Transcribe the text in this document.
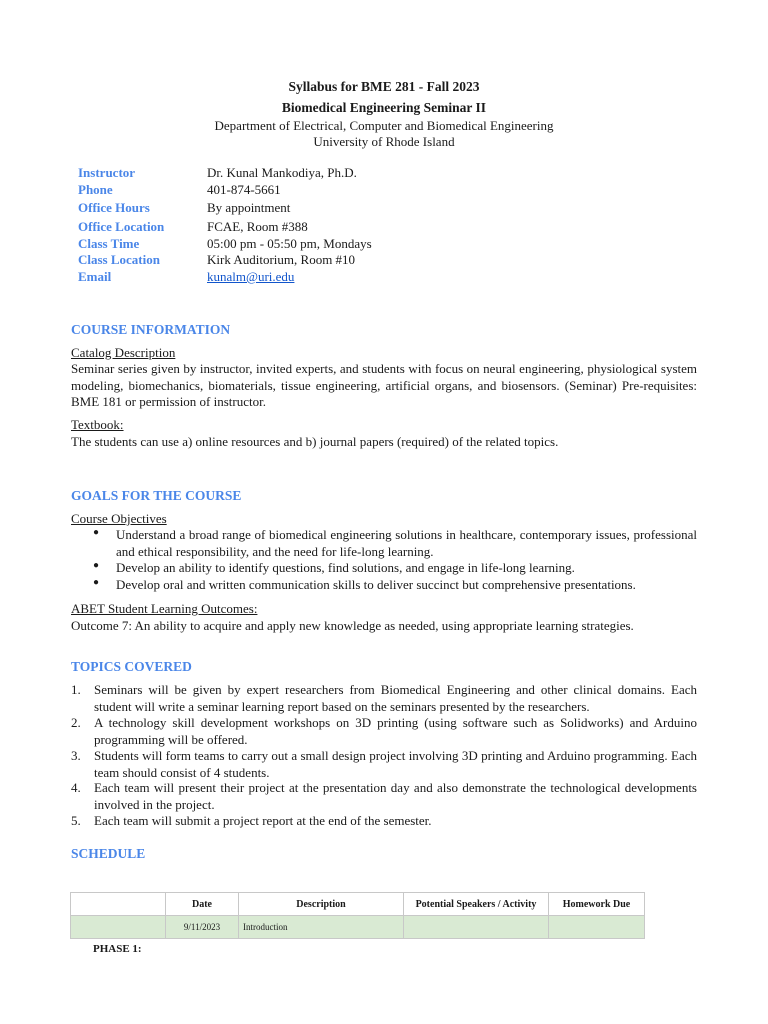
Syllabus for BME 281 - Fall 2023
Biomedical Engineering Seminar II
Department of Electrical, Computer and Biomedical Engineering
University of Rhode Island
Instructor	Dr. Kunal Mankodiya, Ph.D.
Phone	401-874-5661
Office Hours	By appointment
Office Location	FCAE, Room #388
Class Time	05:00 pm - 05:50 pm, Mondays
Class Location	Kirk Auditorium, Room #10
Email	kunalm@uri.edu
COURSE INFORMATION
Catalog Description
Seminar series given by instructor, invited experts, and students with focus on neural engineering, physiological system modeling, biomechanics, biomaterials, tissue engineering, artificial organs, and biosensors. (Seminar) Pre-requisites: BME 181 or permission of instructor.
Textbook:
The students can use a) online resources and b) journal papers (required) of the related topics.
GOALS FOR THE COURSE
Course Objectives
●	Understand a broad range of biomedical engineering solutions in healthcare, contemporary issues, professional and ethical responsibility, and the need for life-long learning.
●	Develop an ability to identify questions, find solutions, and engage in life-long learning.
●	Develop oral and written communication skills to deliver succinct but comprehensive presentations.
ABET Student Learning Outcomes:
Outcome 7: An ability to acquire and apply new knowledge as needed, using appropriate learning strategies.
TOPICS COVERED
1.	Seminars will be given by expert researchers from Biomedical Engineering and other clinical domains. Each student will write a seminar learning report based on the seminars presented by the researchers.
2.	A technology skill development workshops on 3D printing (using software such as Solidworks) and Arduino programming will be offered.
3.	Students will form teams to carry out a small design project involving 3D printing and Arduino programming. Each team should consist of 4 students.
4.	Each team will present their project at the presentation day and also demonstrate the technological developments involved in the project.
5.	Each team will submit a project report at the end of the semester.
SCHEDULE
	Date	Description	Potential Speakers / Activity	Homework Due
	9/11/2023	Introduction		
PHASE 1:
